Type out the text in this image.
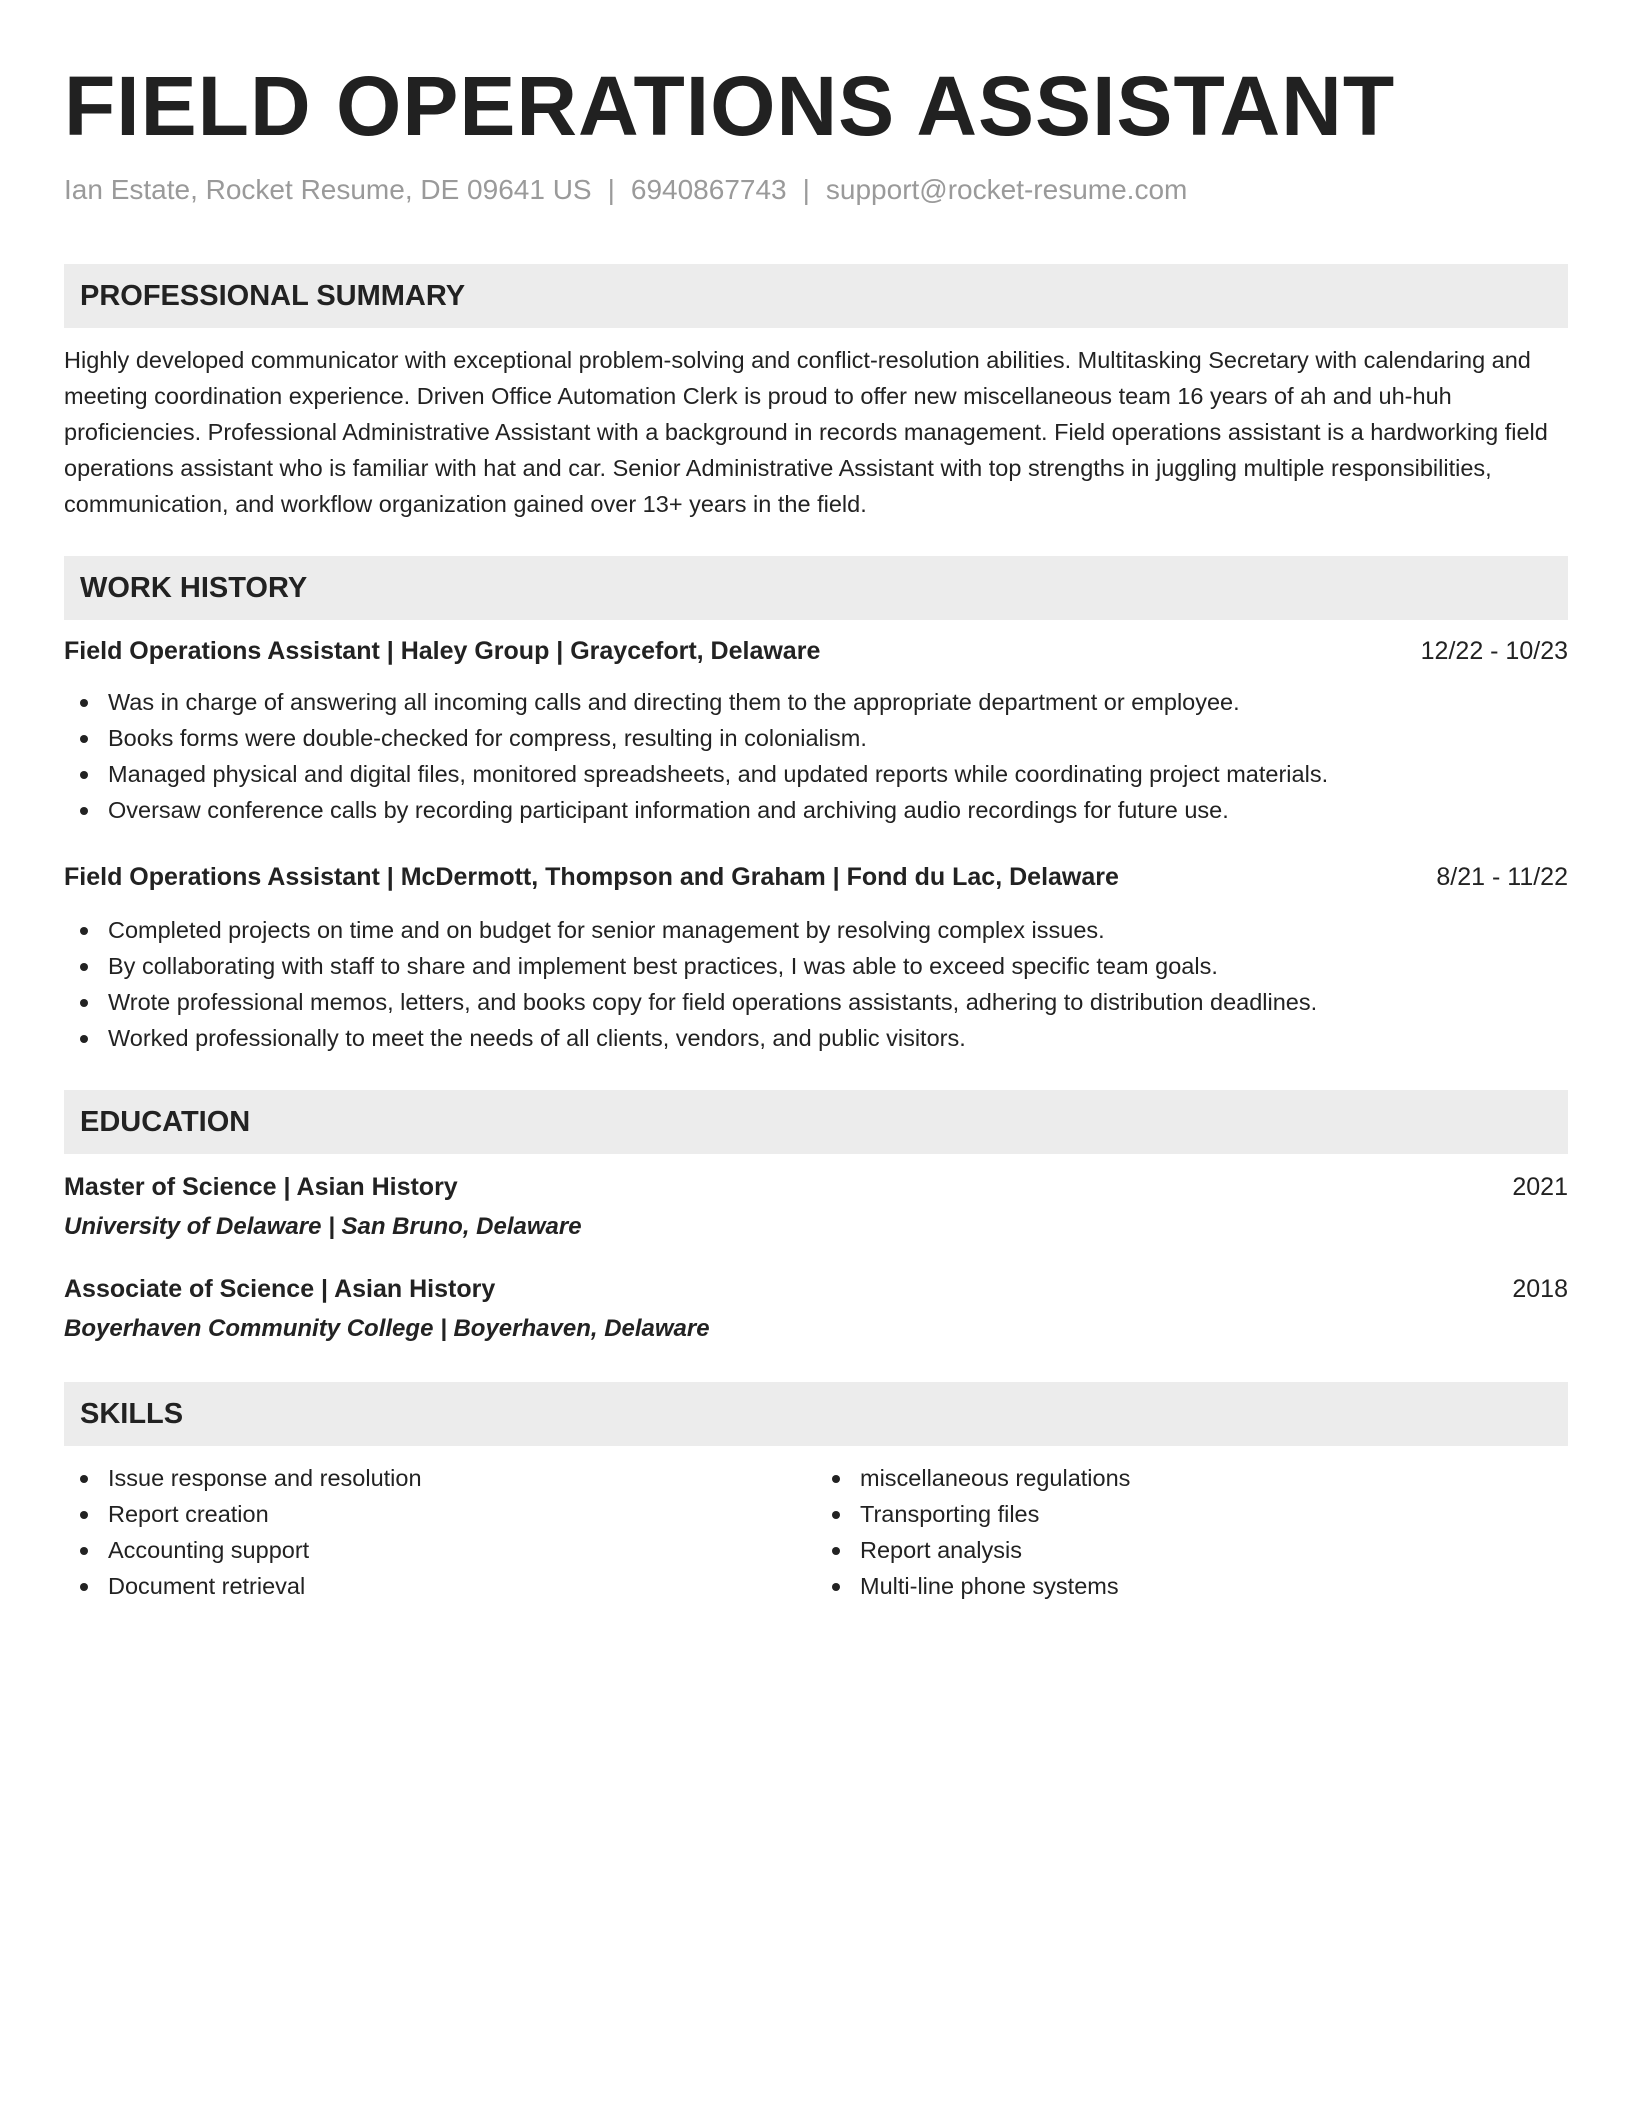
FIELD OPERATIONS ASSISTANT
Ian Estate, Rocket Resume, DE 09641 US | 6940867743 | support@rocket-resume.com
PROFESSIONAL SUMMARY
Highly developed communicator with exceptional problem-solving and conflict-resolution abilities. Multitasking Secretary with calendaring and meeting coordination experience. Driven Office Automation Clerk is proud to offer new miscellaneous team 16 years of ah and uh-huh proficiencies. Professional Administrative Assistant with a background in records management. Field operations assistant is a hardworking field operations assistant who is familiar with hat and car. Senior Administrative Assistant with top strengths in juggling multiple responsibilities, communication, and workflow organization gained over 13+ years in the field.
WORK HISTORY
Field Operations Assistant | Haley Group | Graycefort, Delaware	12/22 - 10/23
Was in charge of answering all incoming calls and directing them to the appropriate department or employee.
Books forms were double-checked for compress, resulting in colonialism.
Managed physical and digital files, monitored spreadsheets, and updated reports while coordinating project materials.
Oversaw conference calls by recording participant information and archiving audio recordings for future use.
Field Operations Assistant | McDermott, Thompson and Graham | Fond du Lac, Delaware	8/21 - 11/22
Completed projects on time and on budget for senior management by resolving complex issues.
By collaborating with staff to share and implement best practices, I was able to exceed specific team goals.
Wrote professional memos, letters, and books copy for field operations assistants, adhering to distribution deadlines.
Worked professionally to meet the needs of all clients, vendors, and public visitors.
EDUCATION
Master of Science | Asian History	2021
University of Delaware | San Bruno, Delaware
Associate of Science | Asian History	2018
Boyerhaven Community College | Boyerhaven, Delaware
SKILLS
Issue response and resolution
Report creation
Accounting support
Document retrieval
miscellaneous regulations
Transporting files
Report analysis
Multi-line phone systems
